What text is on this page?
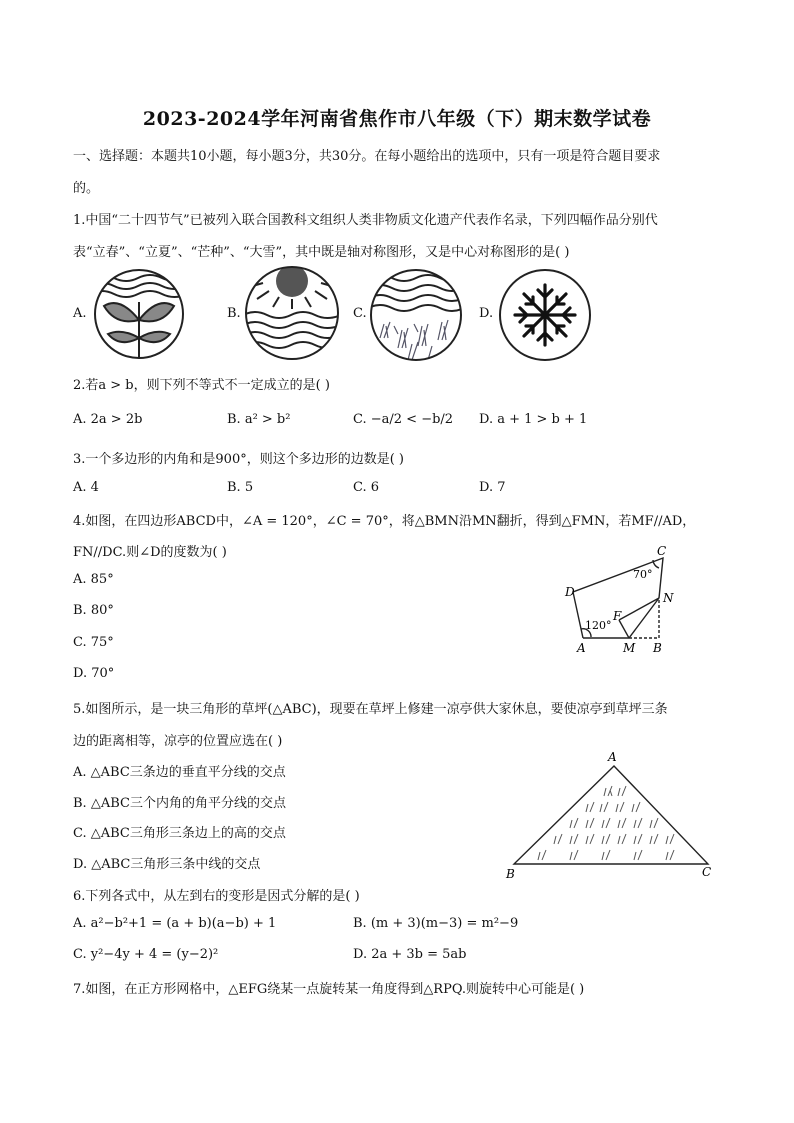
2023-2024学年河南省焦作市八年级（下）期末数学试卷
一、选择题：本题共10小题，每小题3分，共30分。在每小题给出的选项中，只有一项是符合题目要求
的。
1.中国“二十四节气”已被列入联合国教科文组织人类非物质文化遗产代表作名录，下列四幅作品分别代
表“立春”、“立夏”、“芒种”、“大雪”，其中既是轴对称图形，又是中心对称图形的是( )
A.	B.	C.	D.
2.若a > b，则下列不等式不一定成立的是( )
A. 2a > 2b	B. a² > b²	C. −a/2 < −b/2 D. a + 1 > b + 1
3.一个多边形的内角和是900°，则这个多边形的边数是( )
A. 4	B. 5	C. 6	D. 7
4.如图，在四边形ABCD中，∠A = 120°，∠C = 70°，将△BMN沿MN翻折，得到△FMN，若MF//AD，
FN//DC.则∠D的度数为( )
A. 85°
B. 80°
C. 75°
D. 70°
D
C
N
F
A	M B
120°
70°
5.如图所示，是一块三角形的草坪(△ABC)，现要在草坪上修建一凉亭供大家休息，要使凉亭到草坪三条
边的距离相等，凉亭的位置应选在( )
A. △ABC三条边的垂直平分线的交点
B. △ABC三个内角的角平分线的交点
C. △ABC三角形三条边上的高的交点
D. △ABC三角形三条中线的交点
A
B	C
6.下列各式中，从左到右的变形是因式分解的是( )
A. a²−b²+1 = (a + b)(a−b) + 1	B. (m + 3)(m−3) = m²−9
C. y²−4y + 4 = (y−2)²	D. 2a + 3b = 5ab
7.如图，在正方形网格中，△EFG绕某一点旋转某一角度得到△RPQ.则旋转中心可能是( )
